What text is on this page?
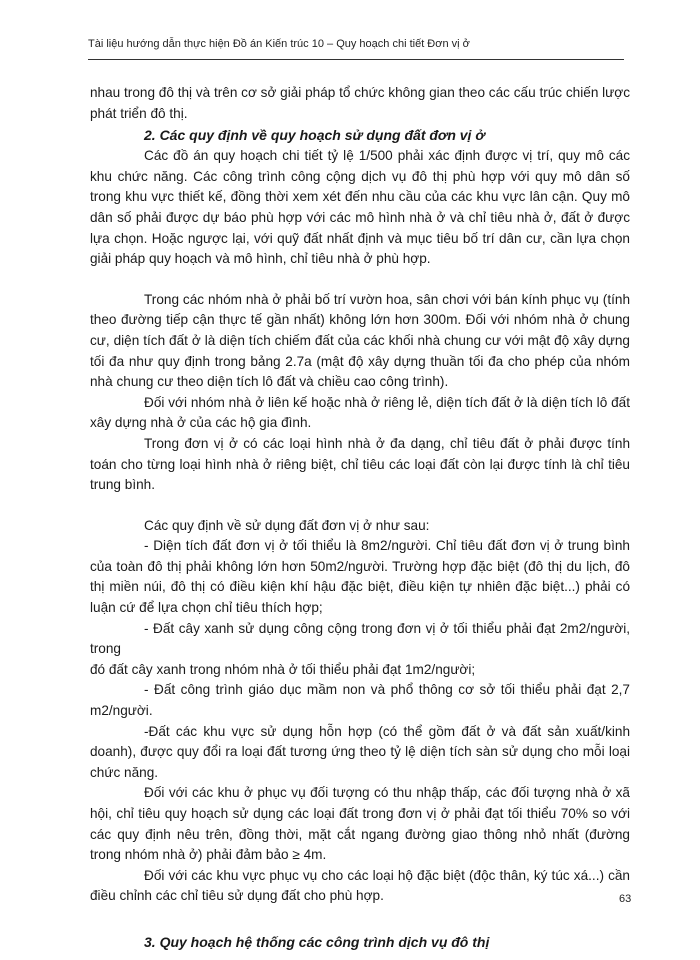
Tài liệu hướng dẫn thực hiện Đồ án Kiến trúc 10 – Quy hoạch chi tiết Đơn vị ở

nhau trong đô thị và trên cơ sở giải pháp tổ chức không gian theo các cấu trúc chiến lược phát triển đô thị.

2. Các quy định về quy hoạch sử dụng đất đơn vị ở

Các đồ án quy hoạch chi tiết tỷ lệ 1/500 phải xác định được vị trí, quy mô các khu chức năng. Các công trình công cộng dịch vụ đô thị phù hợp với quy mô dân số trong khu vực thiết kế, đồng thời xem xét đến nhu cầu của các khu vực lân cận. Quy mô dân số phải được dự báo phù hợp với các mô hình nhà ở và chỉ tiêu nhà ở, đất ở được lựa chọn. Hoặc ngược lại, với quỹ đất nhất định và mục tiêu bố trí dân cư, cần lựa chọn giải pháp quy hoạch và mô hình, chỉ tiêu nhà ở phù hợp.

Trong các nhóm nhà ở phải bố trí vườn hoa, sân chơi với bán kính phục vụ (tính theo đường tiếp cận thực tế gần nhất) không lớn hơn 300m. Đối với nhóm nhà ở chung cư, diện tích đất ở là diện tích chiếm đất của các khối nhà chung cư với mật độ xây dựng tối đa như quy định trong bảng 2.7a (mật độ xây dựng thuần tối đa cho phép của nhóm nhà chung cư theo diện tích lô đất và chiều cao công trình).

Đối với nhóm nhà ở liên kế hoặc nhà ở riêng lẻ, diện tích đất ở là diện tích lô đất xây dựng nhà ở của các hộ gia đình.

Trong đơn vị ở có các loại hình nhà ở đa dạng, chỉ tiêu đất ở phải được tính toán cho từng loại hình nhà ở riêng biệt, chỉ tiêu các loại đất còn lại được tính là chỉ tiêu trung bình.

Các quy định về sử dụng đất đơn vị ở như sau:

- Diện tích đất đơn vị ở tối thiểu là 8m2/người. Chỉ tiêu đất đơn vị ở trung bình của toàn đô thị phải không lớn hơn 50m2/người. Trường hợp đặc biệt (đô thị du lịch, đô thị miền núi, đô thị có điều kiện khí hậu đặc biệt, điều kiện tự nhiên đặc biệt...) phải có luận cứ để lựa chọn chỉ tiêu thích hợp;

- Đất cây xanh sử dụng công cộng trong đơn vị ở tối thiểu phải đạt 2m2/người, trong

đó đất cây xanh trong nhóm nhà ở tối thiểu phải đạt 1m2/người;

- Đất công trình giáo dục mầm non và phổ thông cơ sở tối thiểu phải đạt 2,7 m2/người.

-Đất các khu vực sử dụng hỗn hợp (có thể gồm đất ở và đất sản xuất/kinh doanh), được quy đổi ra loại đất tương ứng theo tỷ lệ diện tích sàn sử dụng cho mỗi loại chức năng.

Đối với các khu ở phục vụ đối tượng có thu nhập thấp, các đối tượng nhà ở xã hội, chỉ tiêu quy hoạch sử dụng các loại đất trong đơn vị ở phải đạt tối thiểu 70% so với các quy định nêu trên, đồng thời, mặt cắt ngang đường giao thông nhỏ nhất (đường trong nhóm nhà ở) phải đảm bảo ≥ 4m.

Đối với các khu vực phục vụ cho các loại hộ đặc biệt (độc thân, ký túc xá...) cần điều chỉnh các chỉ tiêu sử dụng đất cho phù hợp.

3. Quy hoạch hệ thống các công trình dịch vụ đô thị
63
